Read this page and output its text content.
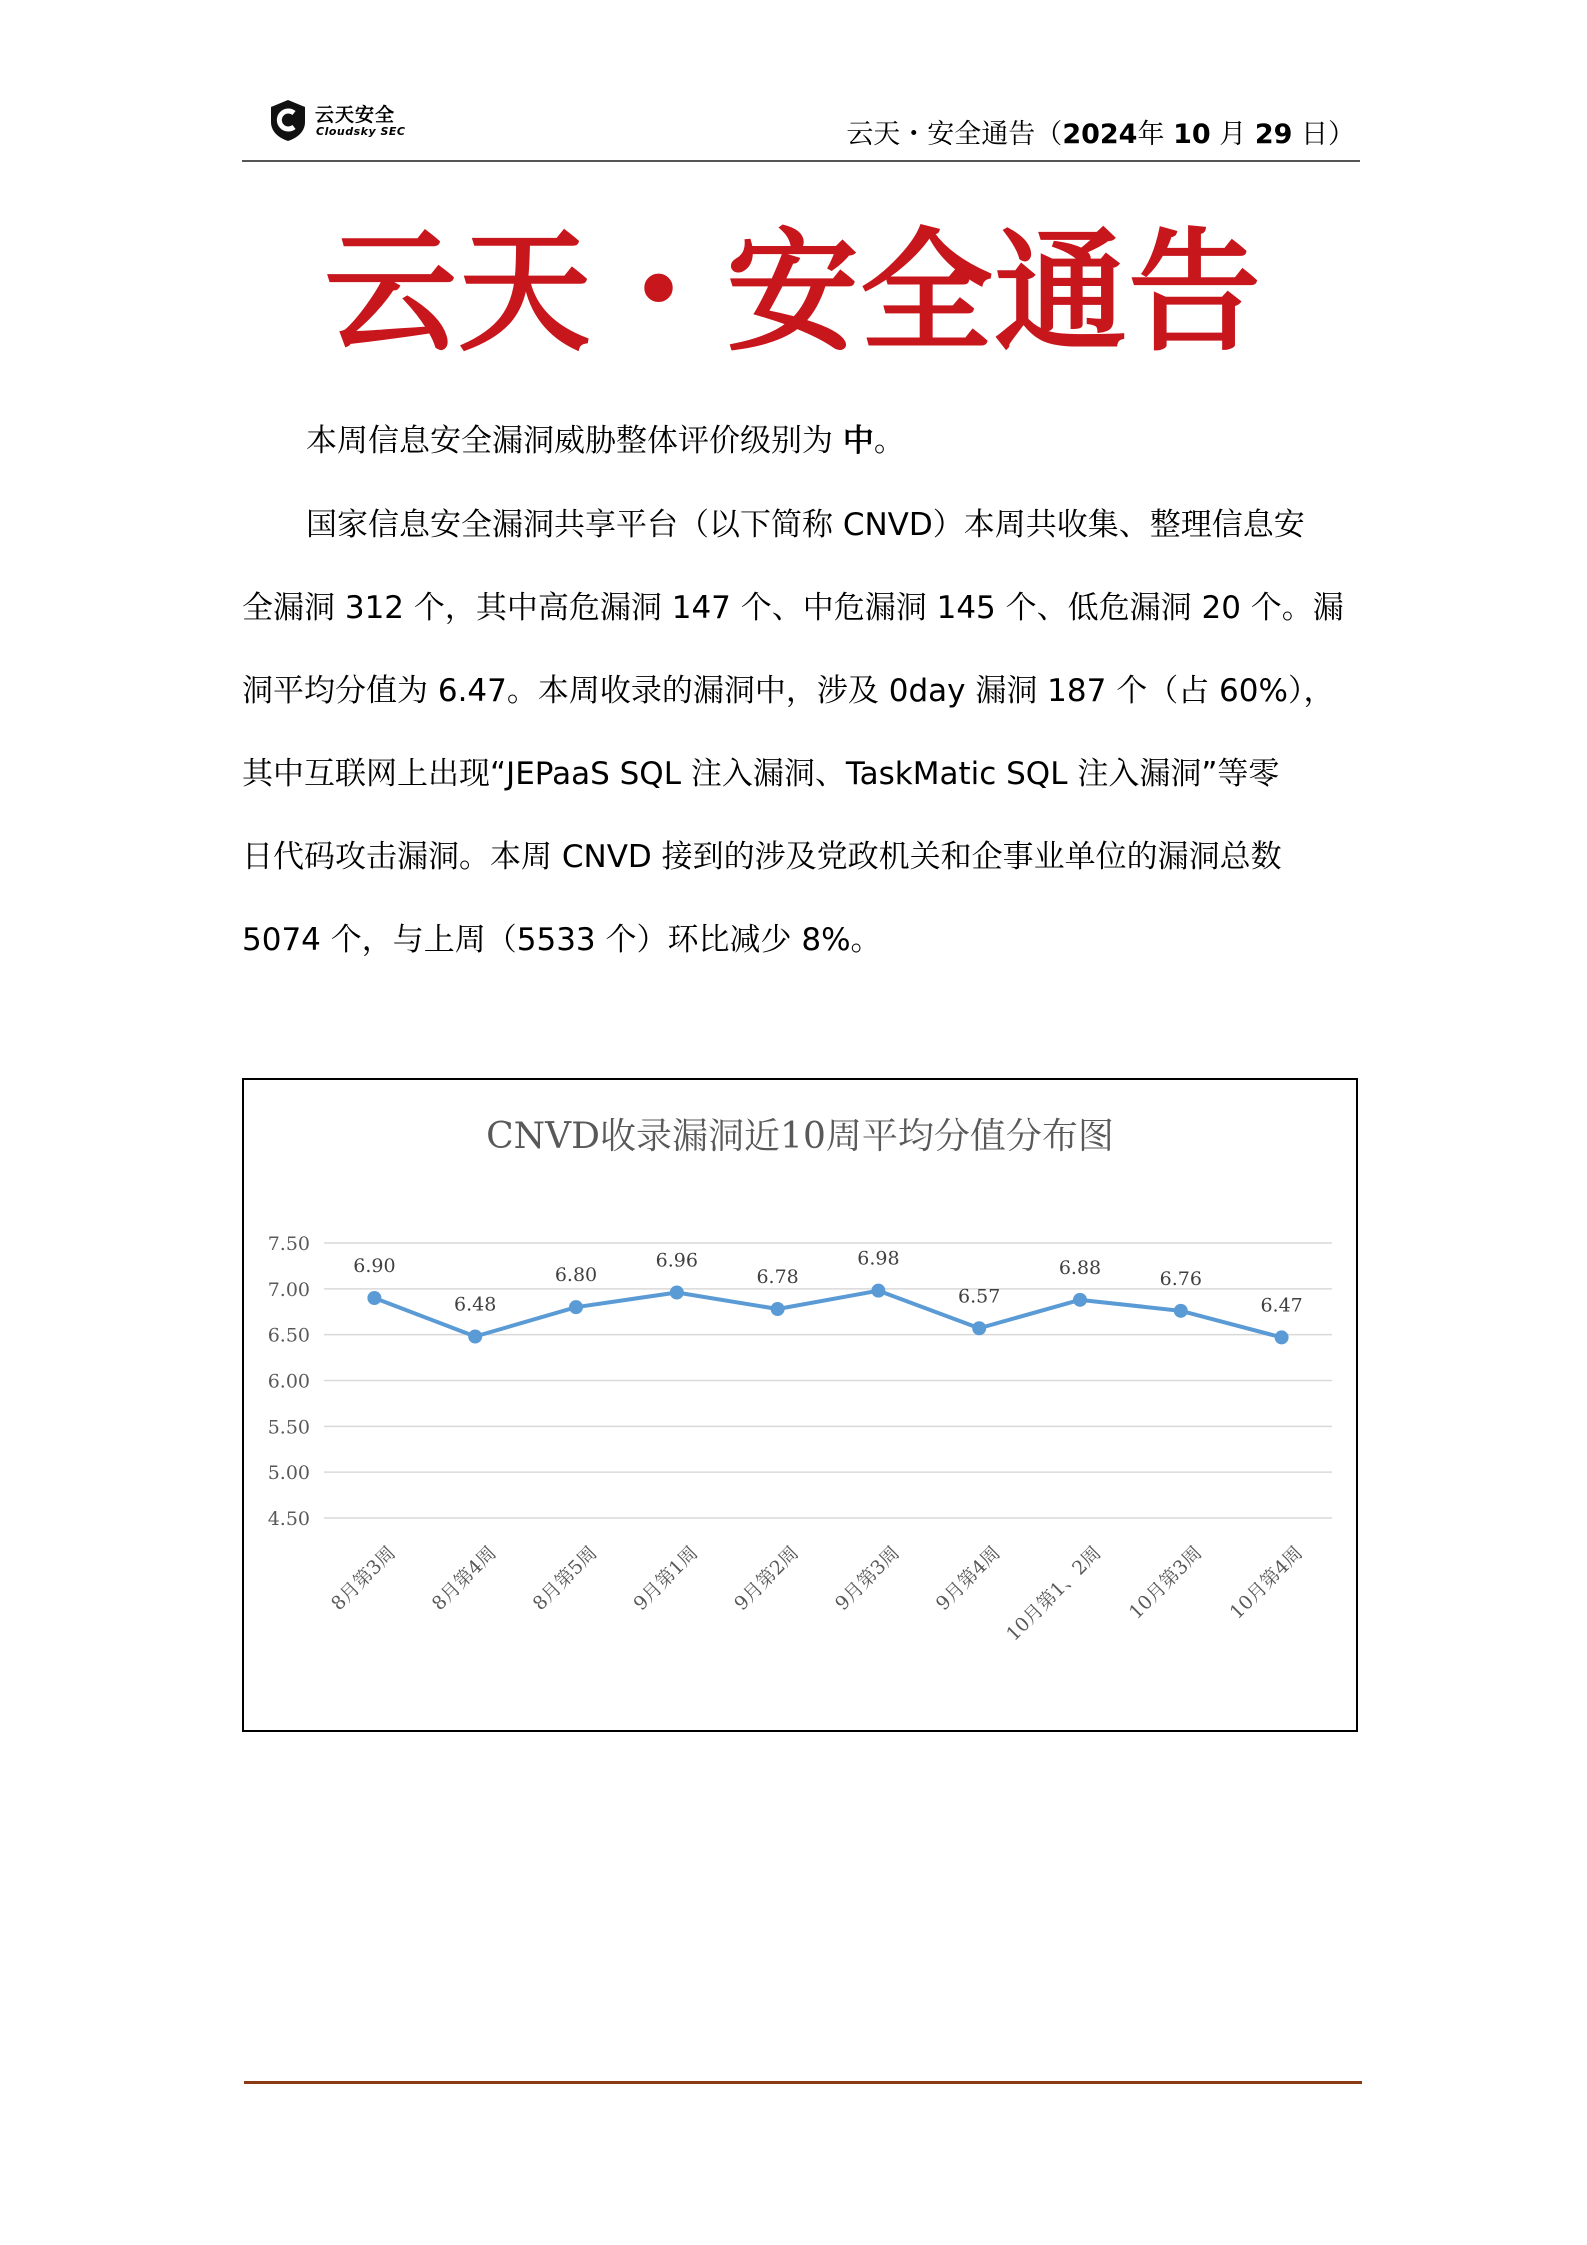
云天安全
Cloudsky SEC	云天・安全通告（2024年 10 月 29 日）
云天・安全通告
本周信息安全漏洞威胁整体评价级别为 中。
国家信息安全漏洞共享平台（以下简称 CNVD）本周共收集、整理信息安
全漏洞 312 个，其中高危漏洞 147 个、中危漏洞 145 个、低危漏洞 20 个。漏
洞平均分值为 6.47。本周收录的漏洞中，涉及 0day 漏洞 187 个（占 60%），
其中互联网上出现“JEPaaS SQL 注入漏洞、TaskMatic SQL 注入漏洞”等零
日代码攻击漏洞。本周 CNVD 接到的涉及党政机关和企事业单位的漏洞总数
5074 个，与上周（5533 个）环比减少 8%。
CNVD收录漏洞近10周平均分值分布图
7.50
7.00
6.50
6.00
5.50
5.00
4.50
6.90
6.48
6.80
6.96
6.78
6.98
6.57
6.88	6.76
6.47
8月第3周 8月第4周 8月第5周 9月第1周 9月第2周 9月第3周 9月第4周
10月第1、2周 10月第3周 10月第4周
